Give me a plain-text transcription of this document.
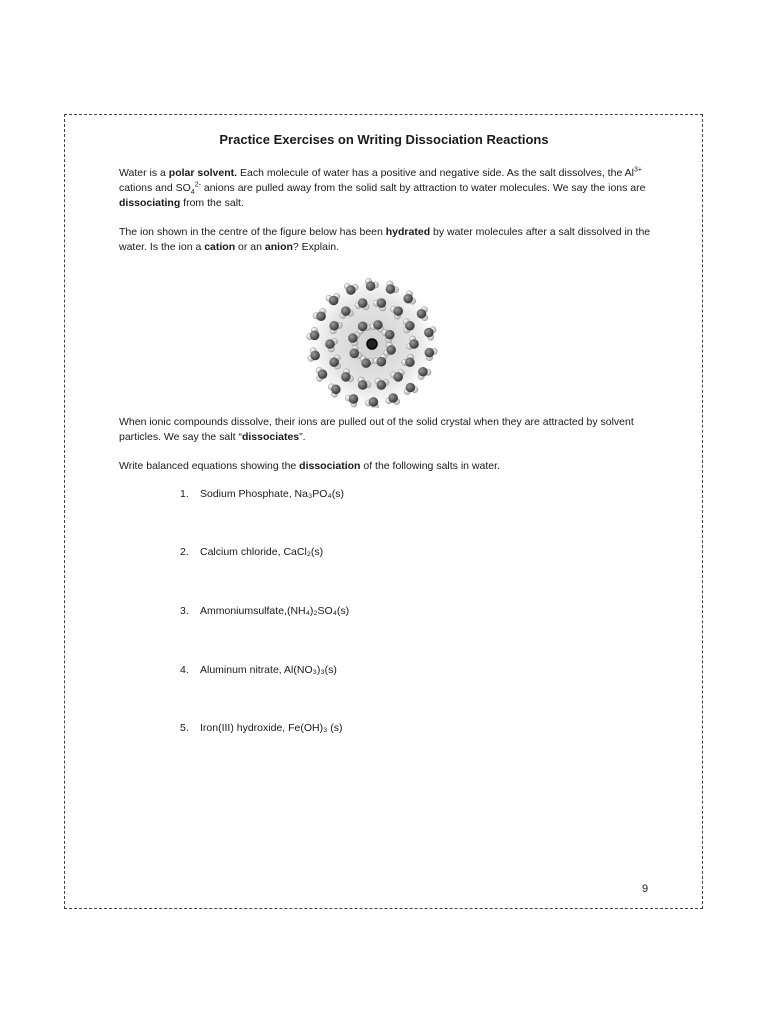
Practice Exercises on Writing Dissociation Reactions
Water is a polar solvent. Each molecule of water has a positive and negative side. As the salt dissolves, the $Al^{3+}$ cations and $SO_4^{2-}$ anions are pulled away from the solid salt by attraction to water molecules. We say the ions are dissociating from the salt.
The ion shown in the centre of the figure below has been hydrated by water molecules after a salt dissolved in the water. Is the ion a cation or an anion? Explain.
When ionic compounds dissolve, their ions are pulled out of the solid crystal when they are attracted by solvent particles. We say the salt “dissociates”.
Write balanced equations showing the dissociation of the following salts in water.
1. Sodium Phosphate, Na₃PO₄(s)
2. Calcium chloride, CaCl₂(s)
3. Ammoniumsulfate,(NH₄)₂SO₄(s)
4. Aluminum nitrate, Al(NO₃)₃(s)
5. Iron(III) hydroxide, Fe(OH)₃ (s)
9
